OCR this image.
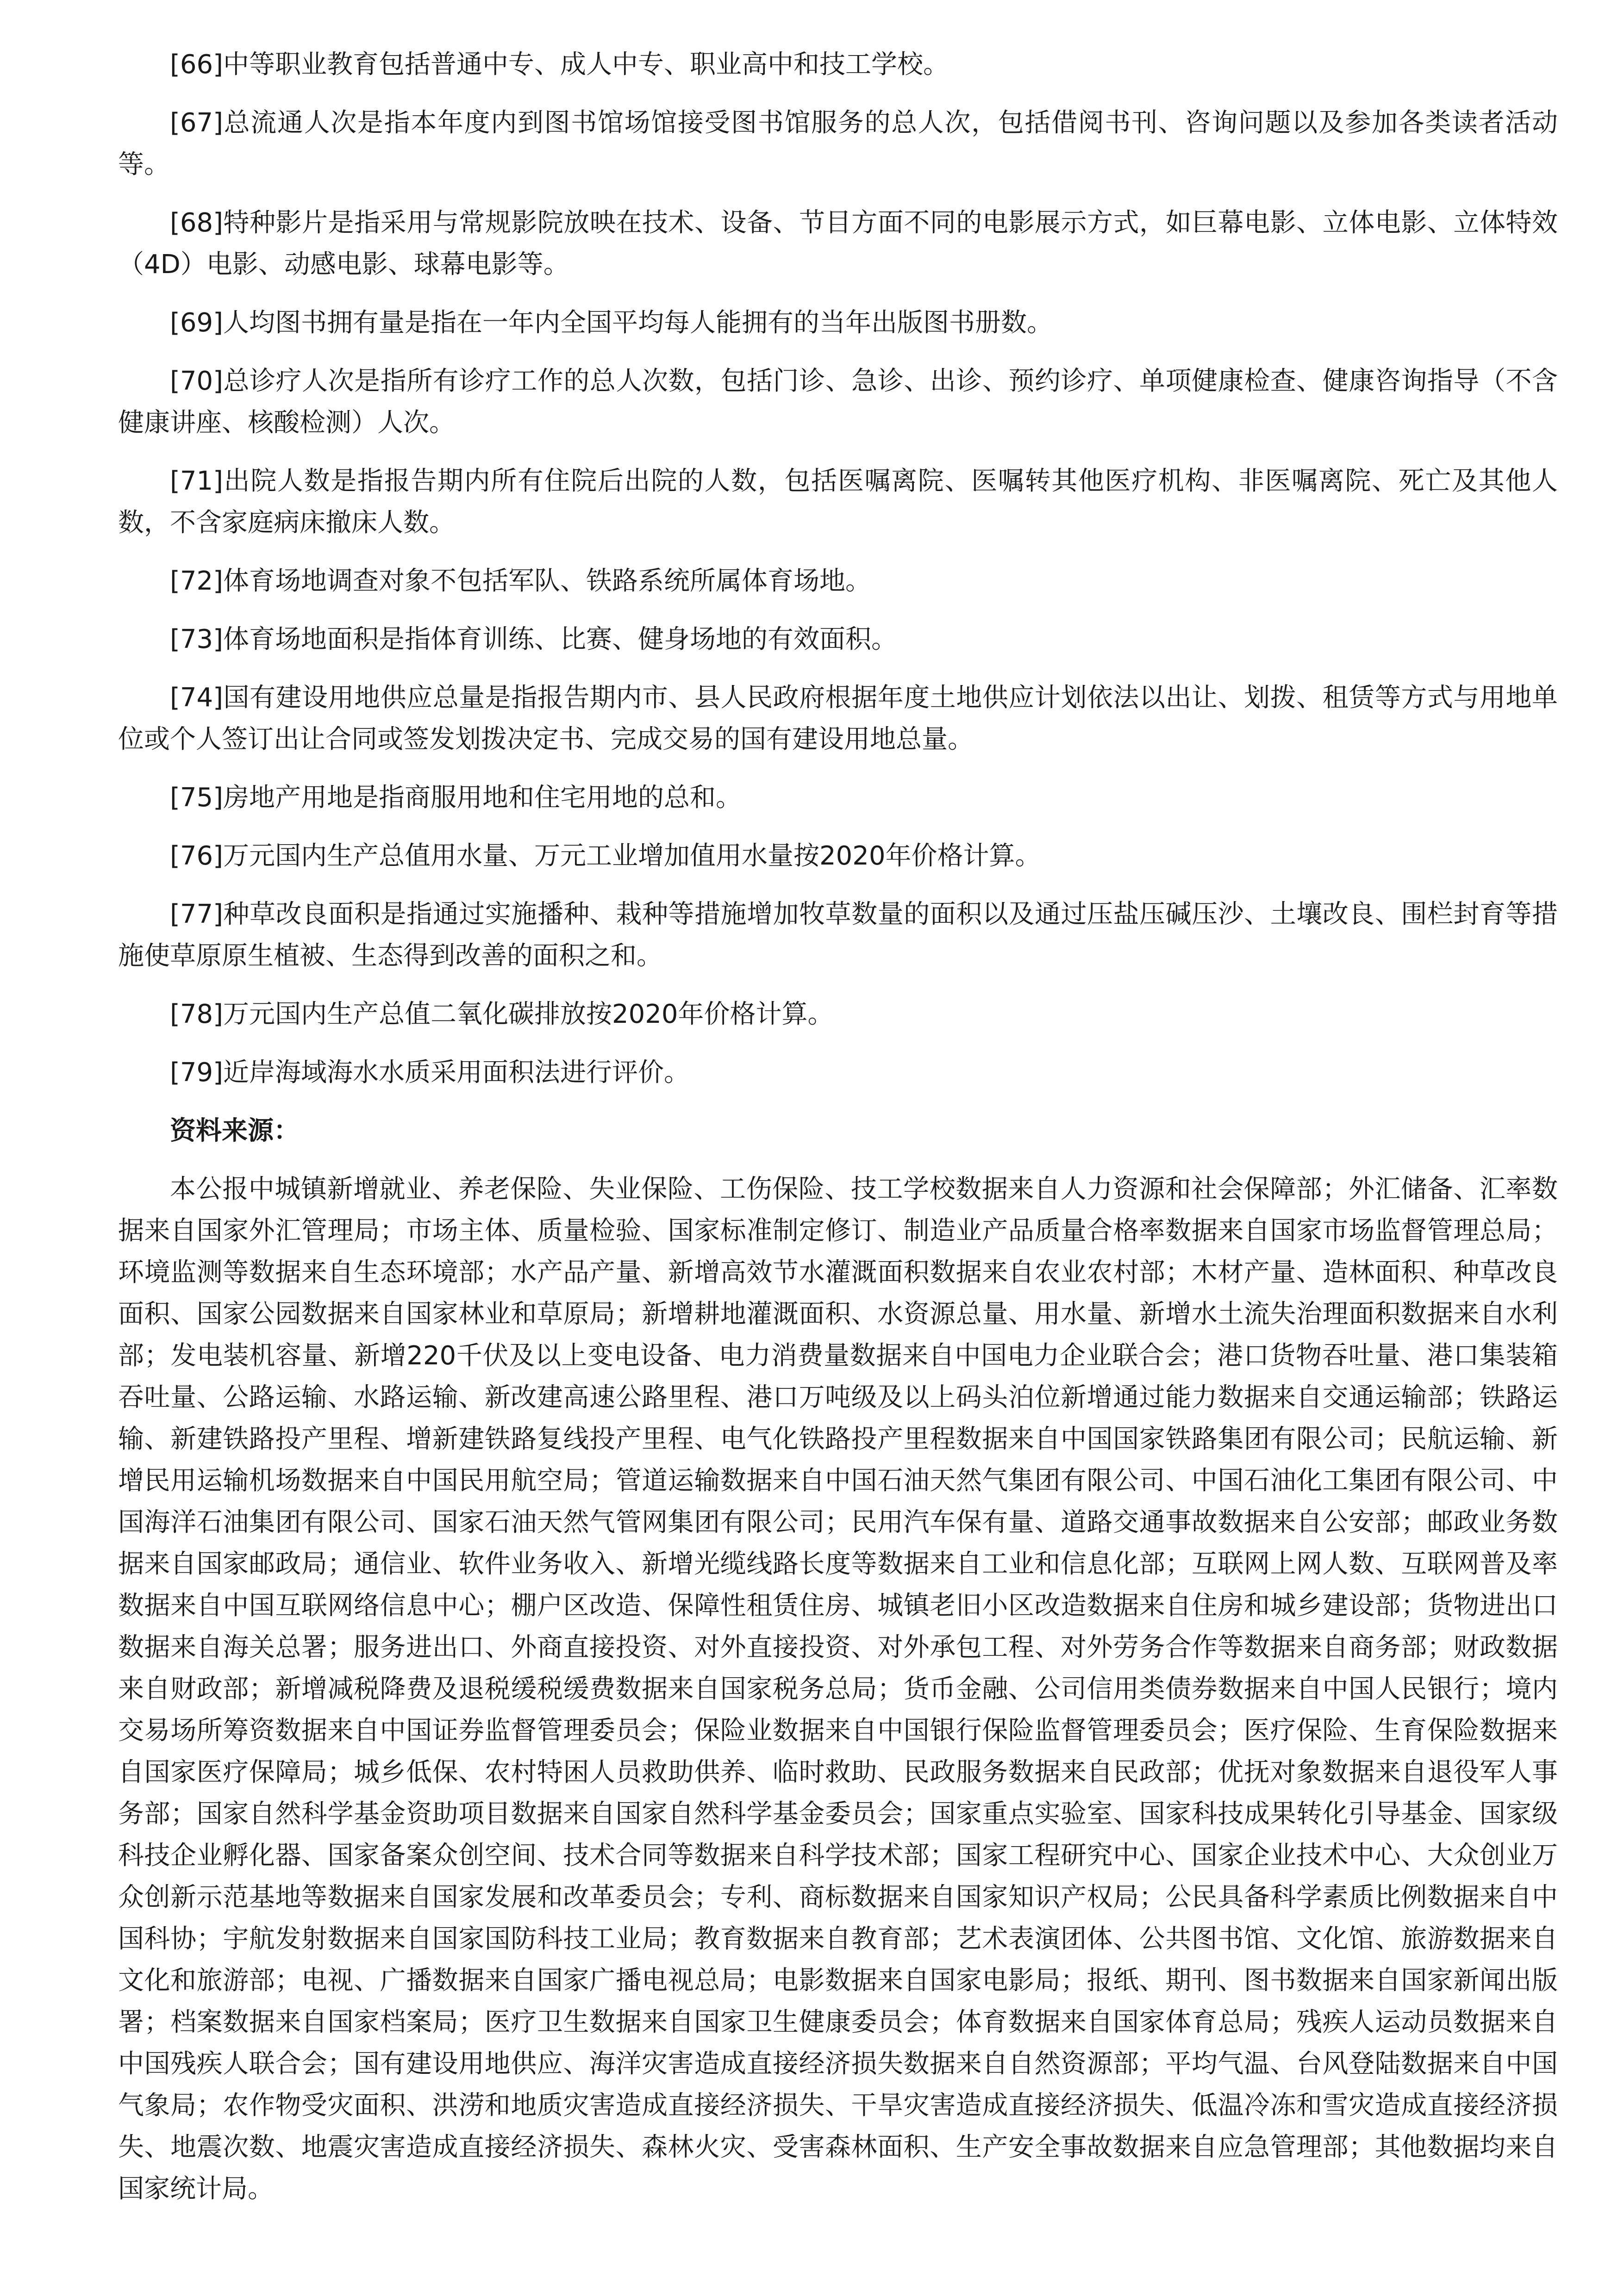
[66]中等职业教育包括普通中专、成人中专、职业高中和技工学校。

[67]总流通人次是指本年度内到图书馆场馆接受图书馆服务的总人次，包括借阅书刊、咨询问题以及参加各类读者活动等。

[68]特种影片是指采用与常规影院放映在技术、设备、节目方面不同的电影展示方式，如巨幕电影、立体电影、立体特效（4D）电影、动感电影、球幕电影等。

[69]人均图书拥有量是指在一年内全国平均每人能拥有的当年出版图书册数。

[70]总诊疗人次是指所有诊疗工作的总人次数，包括门诊、急诊、出诊、预约诊疗、单项健康检查、健康咨询指导（不含健康讲座、核酸检测）人次。

[71]出院人数是指报告期内所有住院后出院的人数，包括医嘱离院、医嘱转其他医疗机构、非医嘱离院、死亡及其他人数，不含家庭病床撤床人数。

[72]体育场地调查对象不包括军队、铁路系统所属体育场地。

[73]体育场地面积是指体育训练、比赛、健身场地的有效面积。

[74]国有建设用地供应总量是指报告期内市、县人民政府根据年度土地供应计划依法以出让、划拨、租赁等方式与用地单位或个人签订出让合同或签发划拨决定书、完成交易的国有建设用地总量。

[75]房地产用地是指商服用地和住宅用地的总和。

[76]万元国内生产总值用水量、万元工业增加值用水量按2020年价格计算。

[77]种草改良面积是指通过实施播种、栽种等措施增加牧草数量的面积以及通过压盐压碱压沙、土壤改良、围栏封育等措施使草原原生植被、生态得到改善的面积之和。

[78]万元国内生产总值二氧化碳排放按2020年价格计算。

[79]近岸海域海水水质采用面积法进行评价。

资料来源：

本公报中城镇新增就业、养老保险、失业保险、工伤保险、技工学校数据来自人力资源和社会保障部；外汇储备、汇率数据来自国家外汇管理局；市场主体、质量检验、国家标准制定修订、制造业产品质量合格率数据来自国家市场监督管理总局；环境监测等数据来自生态环境部；水产品产量、新增高效节水灌溉面积数据来自农业农村部；木材产量、造林面积、种草改良面积、国家公园数据来自国家林业和草原局；新增耕地灌溉面积、水资源总量、用水量、新增水土流失治理面积数据来自水利部；发电装机容量、新增220千伏及以上变电设备、电力消费量数据来自中国电力企业联合会；港口货物吞吐量、港口集装箱吞吐量、公路运输、水路运输、新改建高速公路里程、港口万吨级及以上码头泊位新增通过能力数据来自交通运输部；铁路运输、新建铁路投产里程、增新建铁路复线投产里程、电气化铁路投产里程数据来自中国国家铁路集团有限公司；民航运输、新增民用运输机场数据来自中国民用航空局；管道运输数据来自中国石油天然气集团有限公司、中国石油化工集团有限公司、中国海洋石油集团有限公司、国家石油天然气管网集团有限公司；民用汽车保有量、道路交通事故数据来自公安部；邮政业务数据来自国家邮政局；通信业、软件业务收入、新增光缆线路长度等数据来自工业和信息化部；互联网上网人数、互联网普及率数据来自中国互联网络信息中心；棚户区改造、保障性租赁住房、城镇老旧小区改造数据来自住房和城乡建设部；货物进出口数据来自海关总署；服务进出口、外商直接投资、对外直接投资、对外承包工程、对外劳务合作等数据来自商务部；财政数据来自财政部；新增减税降费及退税缓税缓费数据来自国家税务总局；货币金融、公司信用类债券数据来自中国人民银行；境内交易场所筹资数据来自中国证券监督管理委员会；保险业数据来自中国银行保险监督管理委员会；医疗保险、生育保险数据来自国家医疗保障局；城乡低保、农村特困人员救助供养、临时救助、民政服务数据来自民政部；优抚对象数据来自退役军人事务部；国家自然科学基金资助项目数据来自国家自然科学基金委员会；国家重点实验室、国家科技成果转化引导基金、国家级科技企业孵化器、国家备案众创空间、技术合同等数据来自科学技术部；国家工程研究中心、国家企业技术中心、大众创业万众创新示范基地等数据来自国家发展和改革委员会；专利、商标数据来自国家知识产权局；公民具备科学素质比例数据来自中国科协；宇航发射数据来自国家国防科技工业局；教育数据来自教育部；艺术表演团体、公共图书馆、文化馆、旅游数据来自文化和旅游部；电视、广播数据来自国家广播电视总局；电影数据来自国家电影局；报纸、期刊、图书数据来自国家新闻出版署；档案数据来自国家档案局；医疗卫生数据来自国家卫生健康委员会；体育数据来自国家体育总局；残疾人运动员数据来自中国残疾人联合会；国有建设用地供应、海洋灾害造成直接经济损失数据来自自然资源部；平均气温、台风登陆数据来自中国气象局；农作物受灾面积、洪涝和地质灾害造成直接经济损失、干旱灾害造成直接经济损失、低温冷冻和雪灾造成直接经济损失、地震次数、地震灾害造成直接经济损失、森林火灾、受害森林面积、生产安全事故数据来自应急管理部；其他数据均来自国家统计局。
